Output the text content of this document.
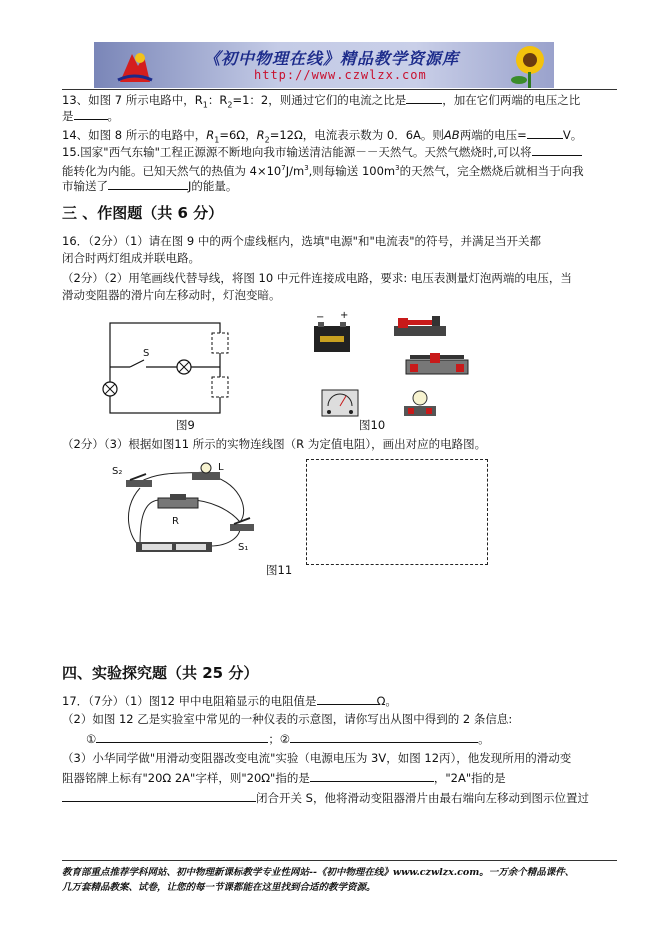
《初中物理在线》精品教学资源库
http://www.czwlzx.com
13、如图 7 所示电路中，$R_1$：$R_2=1$：2，则通过它们的电流之比是	，加在它们两端的电压之比
是	。
14、如图 8 所示的电路中，$R_1=6\Omega$，$R_2=12\Omega$，电流表示数为 0．6A。则AB两端的电压=	V。
15.国家"西气东输"工程正源源不断地向我市输送清洁能源－－天然气。天然气燃烧时,可以将
能转化为内能。已知天然气的热值为 $4\times 10^7J/m^3$,则每输送 $100m^3$的天然气，完全燃烧后就相当于向我
市输送了	J的能量。
三 、作图题（共 6 分）
16．（2分）（1）请在图 9 中的两个虚线框内，选填"电源"和"电流表"的符号，并满足当开关都
闭合时两灯组成并联电路。
（2分）（2）用笔画线代替导线，将图 10 中元件连接成电路，要求: 电压表测量灯泡两端的电压，当
滑动变阻器的滑片向左移动时，灯泡变暗。
S
图9
− +
图10
（2分）（3）根据如图11 所示的实物连线图（R 为定值电阻），画出对应的电路图。
S₂	L
R
S₁
图11
四、实验探究题（共 25 分）
17．（7分）（1）图12 甲中电阻箱显示的电阻值是	Ω。
（2）如图 12 乙是实验室中常见的一种仪表的示意图，请你写出从图中得到的 2 条信息:
①	；②	。
（3）小华同学做"用滑动变阻器改变电流"实验（电源电压为 3V，如图 12丙），他发现所用的滑动变
阻器铭牌上标有"20Ω 2A"字样，则"20Ω"指的是	，"2A"指的是
闭合开关 S，他将滑动变阻器滑片由最右端向左移动到图示位置过
教育部重点推荐学科网站、初中物理新课标教学专业性网站--《初中物理在线》www.czwlzx.com。一万余个精品课件、
几万套精品教案、试卷，让您的每一节课都能在这里找到合适的教学资源。
